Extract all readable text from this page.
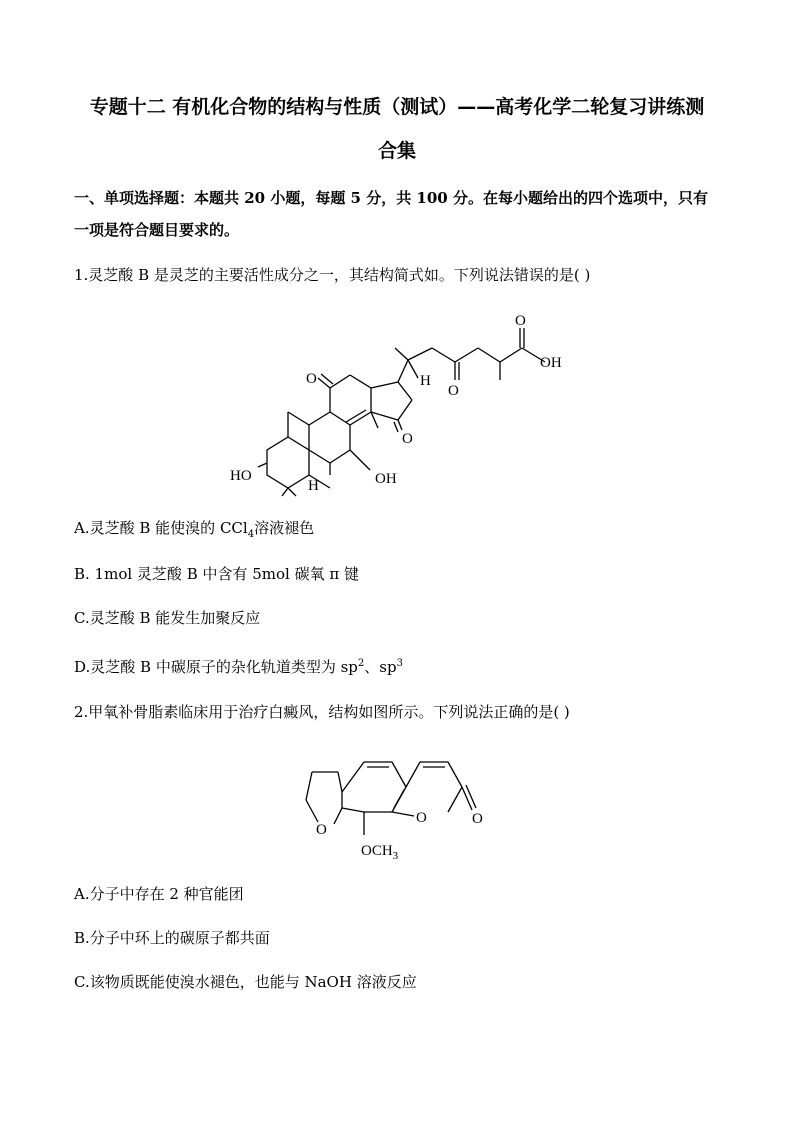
专题十二 有机化合物的结构与性质（测试）——高考化学二轮复习讲练测
合集
一、单项选择题：本题共 20 小题，每题 5 分，共 100 分。在每小题给出的四个选项中，只有
一项是符合题目要求的。
1.灵芝酸 B 是灵芝的主要活性成分之一，其结构简式如。下列说法错误的是( )
O
OH
O
H
O
O
HO
H	OH
A.灵芝酸 B 能使溴的 CCl$_4$溶液褪色
B. 1mol 灵芝酸 B 中含有 5mol 碳氧 π 键
C.灵芝酸 B 能发生加聚反应
D.灵芝酸 B 中碳原子的杂化轨道类型为 $sp^2$、$sp^3$
2.甲氧补骨脂素临床用于治疗白癜风，结构如图所示。下列说法正确的是( )
O
O	O
$OCH_3$
A.分子中存在 2 种官能团
B.分子中环上的碳原子都共面
C.该物质既能使溴水褪色，也能与 NaOH 溶液反应
